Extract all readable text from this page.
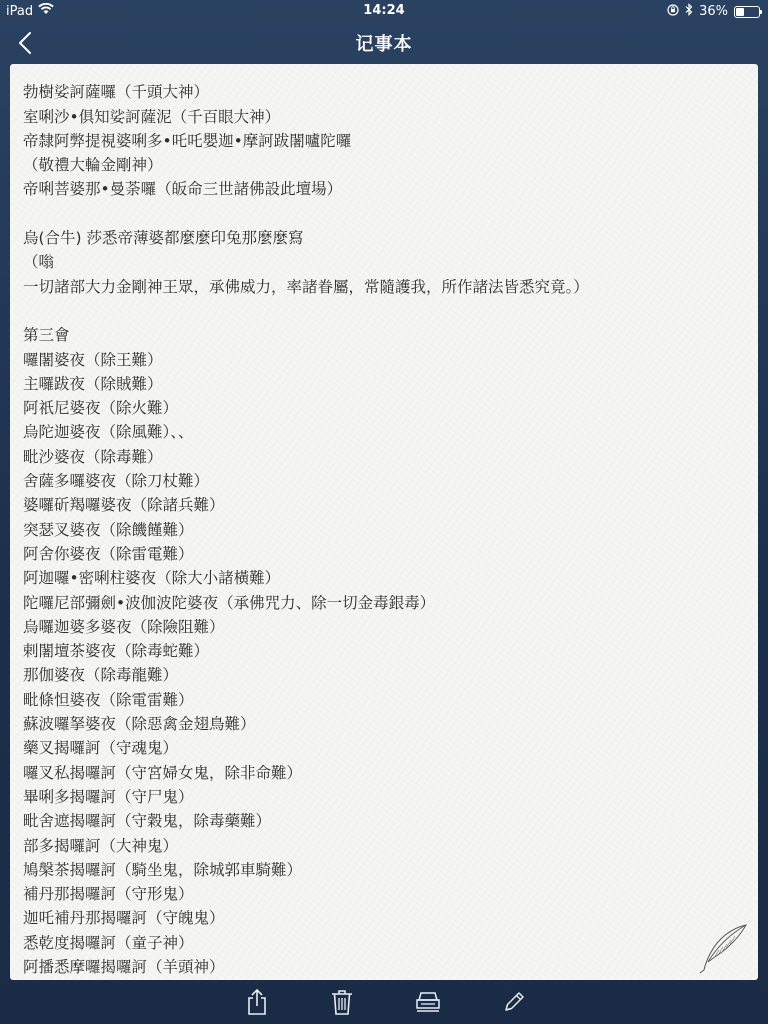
iPad	14:24	36%
记事本
勃樹娑訶薩囉（千頭大神）
室唎沙•俱知娑訶薩泥（千百眼大神）
帝隸阿弊提視婆唎多•吒吒嬰迦•摩訶跋闍嚧陀囉
（敬禮大輪金剛神）
帝唎菩婆那•曼荼囉（皈命三世諸佛設此壇場）

烏(合牛) 莎悉帝薄婆都麼麼印兔那麼麼寫
（嗡
一切諸部大力金剛神王眾，承佛威力，率諸眷屬，常隨護我，所作諸法皆悉究竟。）

第三會
囉闍婆夜（除王難）
主囉跋夜（除賊難）
阿祇尼婆夜（除火難）
烏陀迦婆夜（除風難）、、
毗沙婆夜（除毒難）
舍薩多囉婆夜（除刀杖難）
婆囉斫羯囉婆夜（除諸兵難）
突瑟叉婆夜（除饑饉難）
阿舍你婆夜（除雷電難）
阿迦囉•密唎柱婆夜（除大小諸橫難）
陀囉尼部彌劍•波伽波陀婆夜（承佛咒力、除一切金毒銀毒）
烏囉迦婆多婆夜（除險阻難）
剌闍壇茶婆夜（除毒蛇難）
那伽婆夜（除毒龍難）
毗條怛婆夜（除電雷難）
蘇波囉拏婆夜（除惡禽金翅鳥難）
藥叉揭囉訶（守魂鬼）
囉叉私揭囉訶（守宮婦女鬼，除非命難）
畢唎多揭囉訶（守尸鬼）
毗舍遮揭囉訶（守穀鬼，除毒藥難）
部多揭囉訶（大神鬼）
鳩槃茶揭囉訶（騎坐鬼，除城郭車騎難）
補丹那揭囉訶（守形鬼）
迦吒補丹那揭囉訶（守魄鬼）
悉乾度揭囉訶（童子神）
阿播悉摩囉揭囉訶（羊頭神）
